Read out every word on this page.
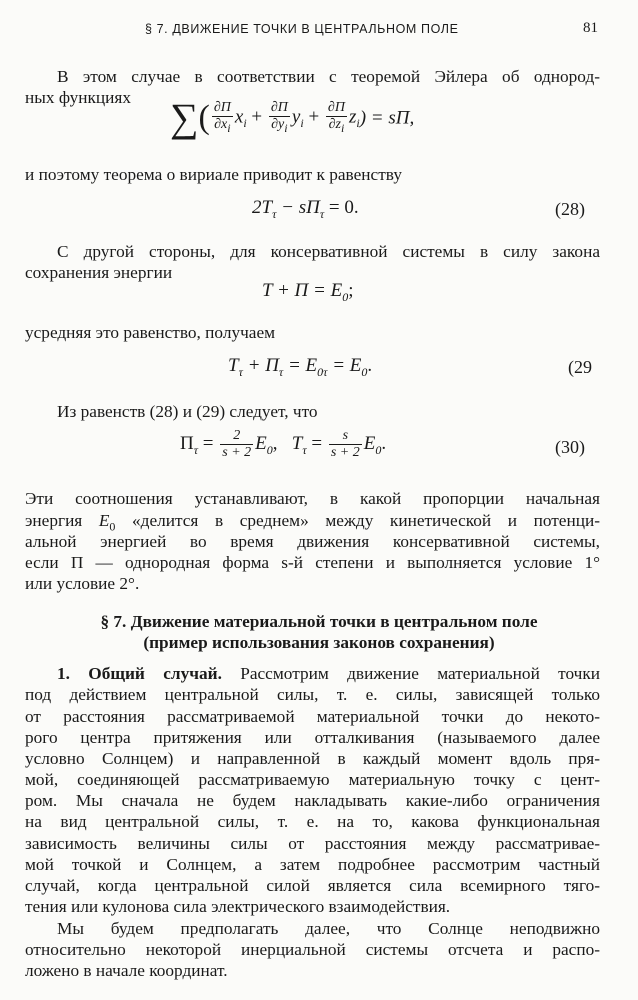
§ 7. ДВИЖЕНИЕ ТОЧКИ В ЦЕНТРАЛЬНОМ ПОЛЕ	81
В этом случае в соответствии с теоремой Эйлера об однород-
ных функциях ∑( $\frac{\partial П}{\partial x_i} x_i + \frac{\partial П}{\partial y_i} y_i + \frac{\partial П}{\partial z_i} z_i$) = sП,
и поэтому теорема о вириале приводит к равенству
$2T_\tau - sП_\tau = 0$.	(28)
С другой стороны, для консервативной системы в силу закона
сохранения энергии
$T + П = E_0$;
усредняя это равенство, получаем
$T_\tau + П_\tau = E_{0\tau} = E_0$.	(29
Из равенств (28) и (29) следует, что
$П_\tau = \frac{2}{s + 2} E_0$, $T_\tau = \frac{s}{s + 2} E_0$.	(30)
Эти соотношения устанавливают, в какой пропорции начальная
энергия $E_0$ «делится в среднем» между кинетической и потенци-
альной энергией во время движения консервативной системы,
если П — однородная форма s-й степени и выполняется условие 1°
или условие 2°.
§ 7. Движение материальной точки в центральном поле
(пример использования законов сохранения)
1. Общий случай. Рассмотрим движение материальной точки
под действием центральной силы, т. е. силы, зависящей только
от расстояния рассматриваемой материальной точки до некото-
рого центра притяжения или отталкивания (называемого далее
условно Солнцем) и направленной в каждый момент вдоль пря-
мой, соединяющей рассматриваемую материальную точку с цент-
ром. Мы сначала не будем накладывать какие-либо ограничения
на вид центральной силы, т. е. на то, какова функциональная
зависимость величины силы от расстояния между рассматривае-
мой точкой и Солнцем, а затем подробнее рассмотрим частный
случай, когда центральной силой является сила всемирного тяго-
тения или кулонова сила электрического взаимодействия.
Мы будем предполагать далее, что Солнце неподвижно
относительно некоторой инерциальной системы отсчета и распо-
ложено в начале координат.
